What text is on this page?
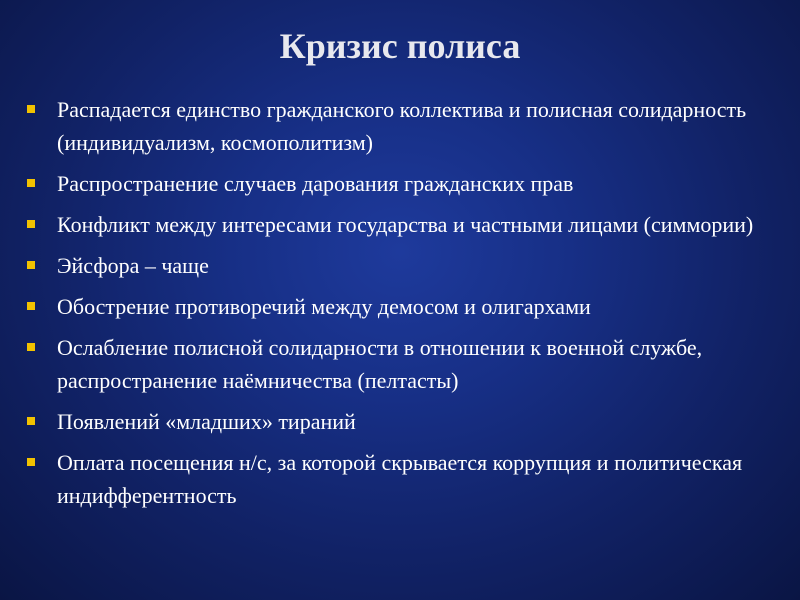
Кризис полиса
Распадается единство гражданского коллектива и полисная солидарность (индивидуализм, космополитизм)
Распространение случаев дарования гражданских прав
Конфликт между интересами государства и частными лицами (симмории)
Эйсфора – чаще
Обострение противоречий между демосом и олигархами
Ослабление полисной солидарности в отношении к военной службе, распространение наёмничества (пелтасты)
Появлений «младших» тираний
Оплата посещения н/с, за которой скрывается коррупция и политическая индифферентность
